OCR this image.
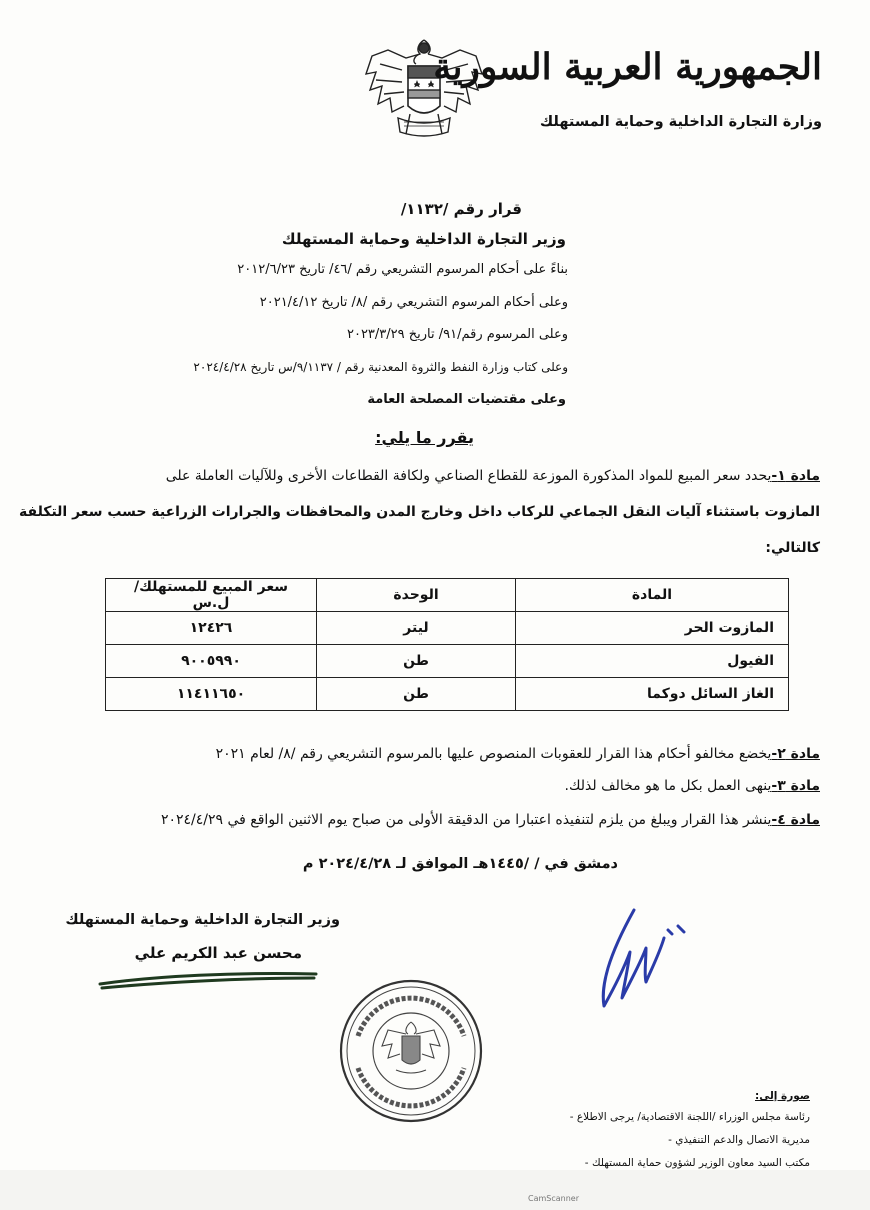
الجمهورية العربية السورية
وزارة التجارة الداخلية وحماية المستهلك
قرار رقم /١١٣٢/
وزير التجارة الداخلية وحماية المستهلك
بناءً على أحكام المرسوم التشريعي رقم /٤٦/ تاريخ ٢٠١٢/٦/٢٣
وعلى أحكام المرسوم التشريعي رقم /٨/ تاريخ ٢٠٢١/٤/١٢
وعلى المرسوم رقم/٩١/ تاريخ ٢٠٢٣/٣/٢٩
وعلى كتاب وزارة النفط والثروة المعدنية رقم / ٩/١١٣٧/س تاريخ ٢٠٢٤/٤/٢٨
وعلى مقتضيات المصلحة العامة
يقرر ما يلي:
مادة ١-يحدد سعر المبيع للمواد المذكورة الموزعة للقطاع الصناعي ولكافة القطاعات الأخرى وللآليات العاملة على
المازوت باستثناء آليات النقل الجماعي للركاب داخل وخارج المدن والمحافظات والجرارات الزراعية حسب سعر التكلفة
كالتالي:
المادة	الوحدة	سعر المبيع للمستهلك/ل.س
المازوت الحر	ليتر	١٢٤٢٦
الفيول	طن	٩٠٠٥٩٩٠
الغاز السائل دوكما	طن	١١٤١١٦٥٠
مادة ٢-يخضع مخالفو أحكام هذا القرار للعقوبات المنصوص عليها بالمرسوم التشريعي رقم /٨/ لعام ٢٠٢١
مادة ٣-ينهى العمل بكل ما هو مخالف لذلك.
مادة ٤-ينشر هذا القرار ويبلغ من يلزم لتنفيذه اعتبارا من الدقيقة الأولى من صباح يوم الاثنين الواقع في ٢٠٢٤/٤/٢٩
دمشق في / /١٤٤٥هـ الموافق لـ ٢٠٢٤/٤/٢٨ م
وزير التجارة الداخلية وحماية المستهلك
محسن عبد الكريم علي
صورة إلى:
رئاسة مجلس الوزراء /اللجنة الاقتصادية/ يرجى الاطلاع -
مديرية الاتصال والدعم التنفيذي -
مكتب السيد معاون الوزير لشؤون حماية المستهلك -
CamScanner
